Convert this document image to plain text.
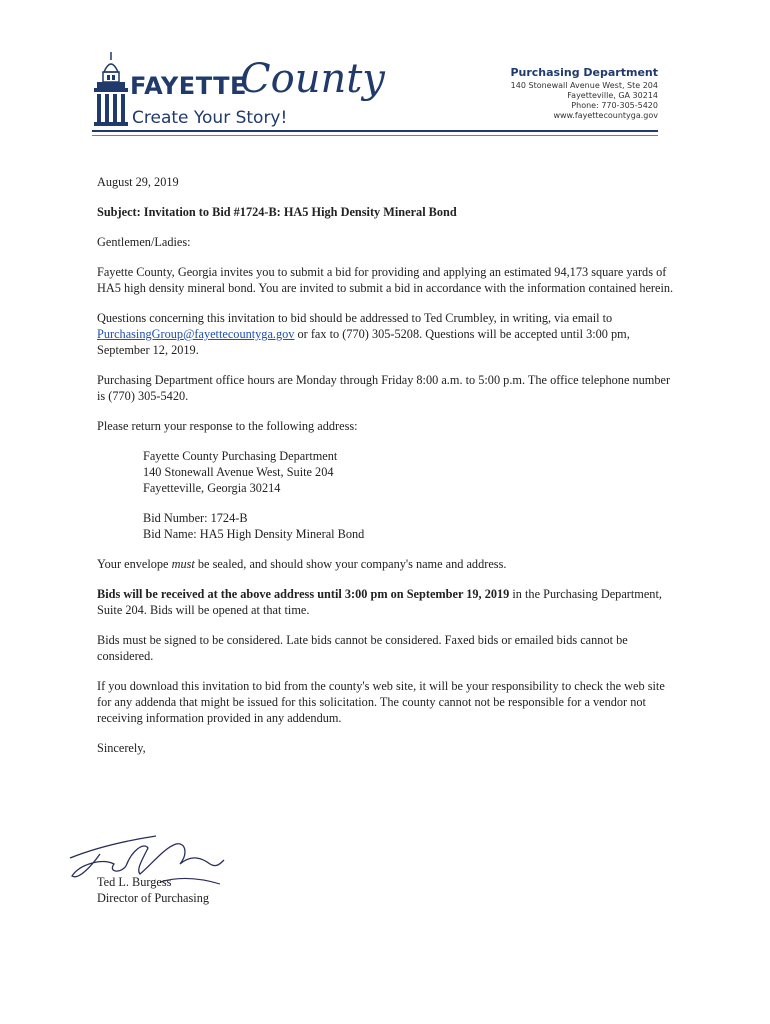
FAYETTE
County
Create Your Story!
Purchasing Department
140 Stonewall Avenue West, Ste 204
Fayetteville, GA 30214
Phone: 770-305-5420
www.fayettecountyga.gov

August 29, 2019

Subject: Invitation to Bid #1724-B: HA5 High Density Mineral Bond

Gentlemen/Ladies:

Fayette County, Georgia invites you to submit a bid for providing and applying an estimated 94,173 square yards of HA5 high density mineral bond. You are invited to submit a bid in accordance with the information contained herein.

Questions concerning this invitation to bid should be addressed to Ted Crumbley, in writing, via email to PurchasingGroup@fayettecountyga.gov or fax to (770) 305-5208. Questions will be accepted until 3:00 pm, September 12, 2019.

Purchasing Department office hours are Monday through Friday 8:00 a.m. to 5:00 p.m. The office telephone number is (770) 305-5420.

Please return your response to the following address:

Fayette County Purchasing Department
140 Stonewall Avenue West, Suite 204
Fayetteville, Georgia 30214
Bid Number: 1724-B
Bid Name: HA5 High Density Mineral Bond

Your envelope must be sealed, and should show your company's name and address.

Bids will be received at the above address until 3:00 pm on September 19, 2019 in the Purchasing Department, Suite 204. Bids will be opened at that time.

Bids must be signed to be considered. Late bids cannot be considered. Faxed bids or emailed bids cannot be considered.

If you download this invitation to bid from the county's web site, it will be your responsibility to check the web site for any addenda that might be issued for this solicitation. The county cannot not be responsible for a vendor not receiving information provided in any addendum.

Sincerely,

Ted L. Burgess
Director of Purchasing
